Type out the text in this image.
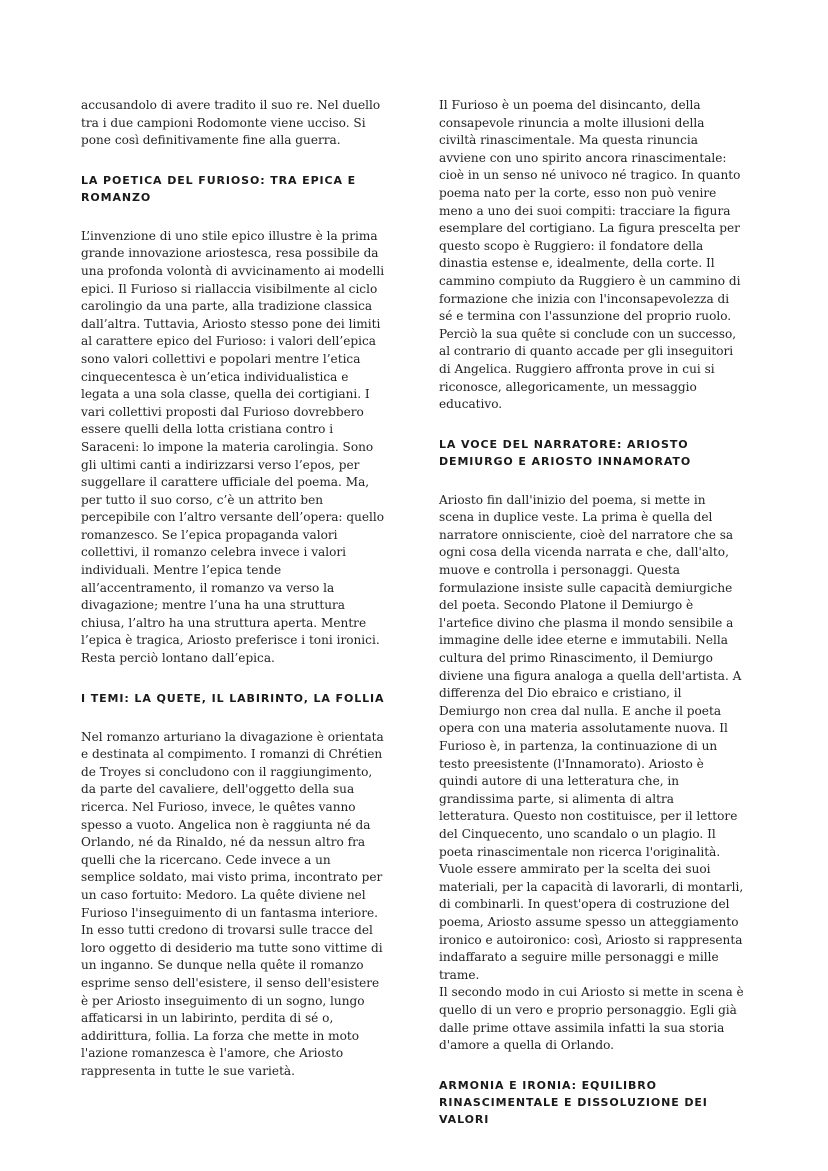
accusandolo di avere tradito il suo re. Nel duello tra i due campioni Rodomonte viene ucciso. Si pone così definitivamente fine alla guerra.

LA POETICA DEL FURIOSO: TRA EPICA E ROMANZO

L’invenzione di uno stile epico illustre è la prima grande innovazione ariostesca, resa possibile da una profonda volontà di avvicinamento ai modelli epici. Il Furioso si riallaccia visibilmente al ciclo carolingio da una parte, alla tradizione classica dall’altra. Tuttavia, Ariosto stesso pone dei limiti al carattere epico del Furioso: i valori dell’epica sono valori collettivi e popolari mentre l’etica cinquecentesca è un’etica individualistica e legata a una sola classe, quella dei cortigiani. I vari collettivi proposti dal Furioso dovrebbero essere quelli della lotta cristiana contro i Saraceni: lo impone la materia carolingia. Sono gli ultimi canti a indirizzarsi verso l’epos, per suggellare il carattere ufficiale del poema. Ma, per tutto il suo corso, c’è un attrito ben percepibile con l’altro versante dell’opera: quello romanzesco. Se l’epica propaganda valori collettivi, il romanzo celebra invece i valori individuali. Mentre l’epica tende all’accentramento, il romanzo va verso la divagazione; mentre l’una ha una struttura chiusa, l’altro ha una struttura aperta. Mentre l’epica è tragica, Ariosto preferisce i toni ironici. Resta perciò lontano dall’epica.

I TEMI: LA QUETE, IL LABIRINTO, LA FOLLIA

Nel romanzo arturiano la divagazione è orientata e destinata al compimento. I romanzi di Chrétien de Troyes si concludono con il raggiungimento, da parte del cavaliere, dell'oggetto della sua ricerca. Nel Furioso, invece, le quêtes vanno spesso a vuoto. Angelica non è raggiunta né da Orlando, né da Rinaldo, né da nessun altro fra quelli che la ricercano. Cede invece a un semplice soldato, mai visto prima, incontrato per un caso fortuito: Medoro. La quête diviene nel Furioso l'inseguimento di un fantasma interiore. In esso tutti credono di trovarsi sulle tracce del loro oggetto di desiderio ma tutte sono vittime di un inganno. Se dunque nella quête il romanzo esprime senso dell'esistere, il senso dell'esistere è per Ariosto inseguimento di un sogno, lungo affaticarsi in un labirinto, perdita di sé o, addirittura, follia. La forza che mette in moto l'azione romanzesca è l'amore, che Ariosto rappresenta in tutte le sue varietà.

Il Furioso è un poema del disincanto, della consapevole rinuncia a molte illusioni della civiltà rinascimentale. Ma questa rinuncia avviene con uno spirito ancora rinascimentale: cioè in un senso né univoco né tragico. In quanto poema nato per la corte, esso non può venire meno a uno dei suoi compiti: tracciare la figura esemplare del cortigiano. La figura prescelta per questo scopo è Ruggiero: il fondatore della dinastia estense e, idealmente, della corte. Il cammino compiuto da Ruggiero è un cammino di formazione che inizia con l'inconsapevolezza di sé e termina con l'assunzione del proprio ruolo. Perciò la sua quête si conclude con un successo, al contrario di quanto accade per gli inseguitori di Angelica. Ruggiero affronta prove in cui si riconosce, allegoricamente, un messaggio educativo.

LA VOCE DEL NARRATORE: ARIOSTO DEMIURGO E ARIOSTO INNAMORATO

Ariosto fin dall'inizio del poema, si mette in scena in duplice veste. La prima è quella del narratore onnisciente, cioè del narratore che sa ogni cosa della vicenda narrata e che, dall'alto, muove e controlla i personaggi. Questa formulazione insiste sulle capacità demiurgiche del poeta. Secondo Platone il Demiurgo è l'artefice divino che plasma il mondo sensibile a immagine delle idee eterne e immutabili. Nella cultura del primo Rinascimento, il Demiurgo diviene una figura analoga a quella dell'artista. A differenza del Dio ebraico e cristiano, il Demiurgo non crea dal nulla. E anche il poeta opera con una materia assolutamente nuova. Il Furioso è, in partenza, la continuazione di un testo preesistente (l'Innamorato). Ariosto è quindi autore di una letteratura che, in grandissima parte, si alimenta di altra letteratura. Questo non costituisce, per il lettore del Cinquecento, uno scandalo o un plagio. Il poeta rinascimentale non ricerca l'originalità. Vuole essere ammirato per la scelta dei suoi materiali, per la capacità di lavorarli, di montarli, di combinarli. In quest'opera di costruzione del poema, Ariosto assume spesso un atteggiamento ironico e autoironico: così, Ariosto si rappresenta indaffarato a seguire mille personaggi e mille trame.

Il secondo modo in cui Ariosto si mette in scena è quello di un vero e proprio personaggio. Egli già dalle prime ottave assimila infatti la sua storia d'amore a quella di Orlando.

ARMONIA E IRONIA: EQUILIBRO RINASCIMENTALE E DISSOLUZIONE DEI VALORI
